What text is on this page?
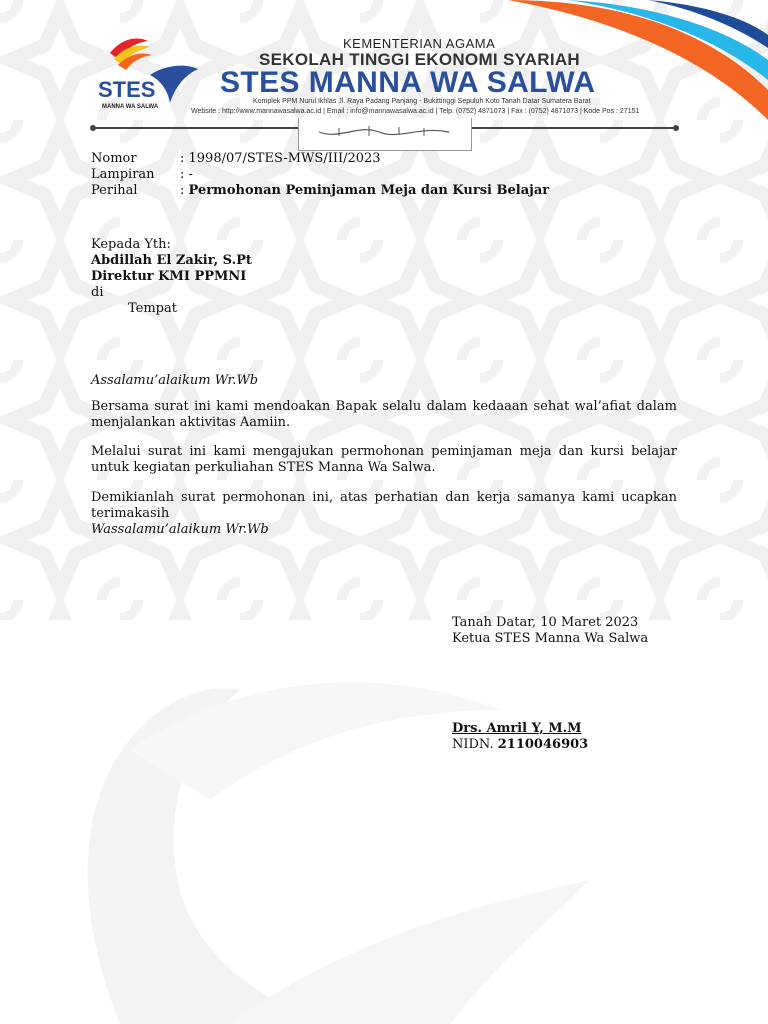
STES
MANNA WA SALWA
KEMENTERIAN AGAMA
SEKOLAH TINGGI EKONOMI SYARIAH
STES MANNA WA SALWA
Komplek PPM Nurul Ikhlas Jl. Raya Padang Panjang - Bukittinggi Sepuluh Koto Tanah Datar Sumatera Barat
Website : http://www.mannawasalwa.ac.id | Email : info@mannawasalwa.ac.id | Telp. (0752) 4871073 | Fax : (0752) 4871073 | Kode Pos : 27151
Nomor	: 1998/07/STES-MWS/III/2023
Lampiran : -
Perihal	: Permohonan Peminjaman Meja dan Kursi Belajar
Kepada Yth:
Abdillah El Zakir, S.Pt
Direktur KMI PPMNI
di
Tempat
Assalamu’alaikum Wr.Wb
Bersama surat ini kami mendoakan Bapak selalu dalam kedaaan sehat wal’afiat dalam menjalankan aktivitas Aamiin.
Melalui surat ini kami mengajukan permohonan peminjaman meja dan kursi belajar untuk kegiatan perkuliahan STES Manna Wa Salwa.
Demikianlah surat permohonan ini, atas perhatian dan kerja samanya kami ucapkan terimakasih
Wassalamu’alaikum Wr.Wb
Tanah Datar, 10 Maret 2023
Ketua STES Manna Wa Salwa
Drs. Amril Y, M.M
NIDN. 2110046903
